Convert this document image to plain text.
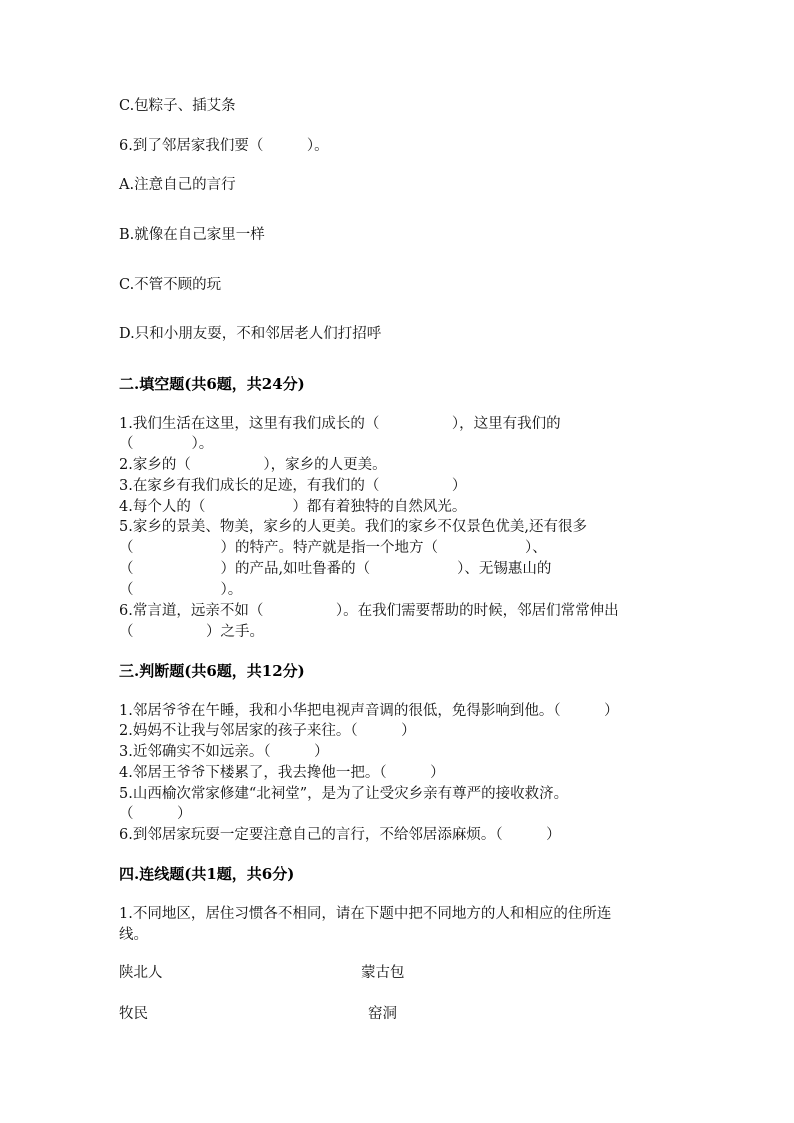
C.包粽子、插艾条
6.到了邻居家我们要（　　　）。
A.注意自己的言行
B.就像在自己家里一样
C.不管不顾的玩
D.只和小朋友耍，不和邻居老人们打招呼
二.填空题(共6题，共24分)
1.我们生活在这里，这里有我们成长的（　　　　　），这里有我们的
（　　　　）。
2.家乡的（　　　　　），家乡的人更美。
3.在家乡有我们成长的足迹，有我们的（　　　　　）
4.每个人的（　　　　　　）都有着独特的自然风光。
5.家乡的景美、物美，家乡的人更美。我们的家乡不仅景色优美,还有很多
（　　　　　　）的特产。特产就是指一个地方（　　　　　　）、
（　　　　　　）的产品,如吐鲁番的（　　　　　　）、无锡惠山的
（　　　　　　）。
6.常言道，远亲不如（　　　　　）。在我们需要帮助的时候，邻居们常常伸出
（　　　　　）之手。
三.判断题(共6题，共12分)
1.邻居爷爷在午睡，我和小华把电视声音调的很低，免得影响到他。（　　　）
2.妈妈不让我与邻居家的孩子来往。（　　　）
3.近邻确实不如远亲。（　　　）
4.邻居王爷爷下楼累了，我去搀他一把。（　　　）
5.山西榆次常家修建“北祠堂”，是为了让受灾乡亲有尊严的接收救济。
（　　　）
6.到邻居家玩耍一定要注意自己的言行，不给邻居添麻烦。（　　　）
四.连线题(共1题，共6分)
1.不同地区，居住习惯各不相同，请在下题中把不同地方的人和相应的住所连
线。
陕北人	蒙古包
牧民	窑洞
